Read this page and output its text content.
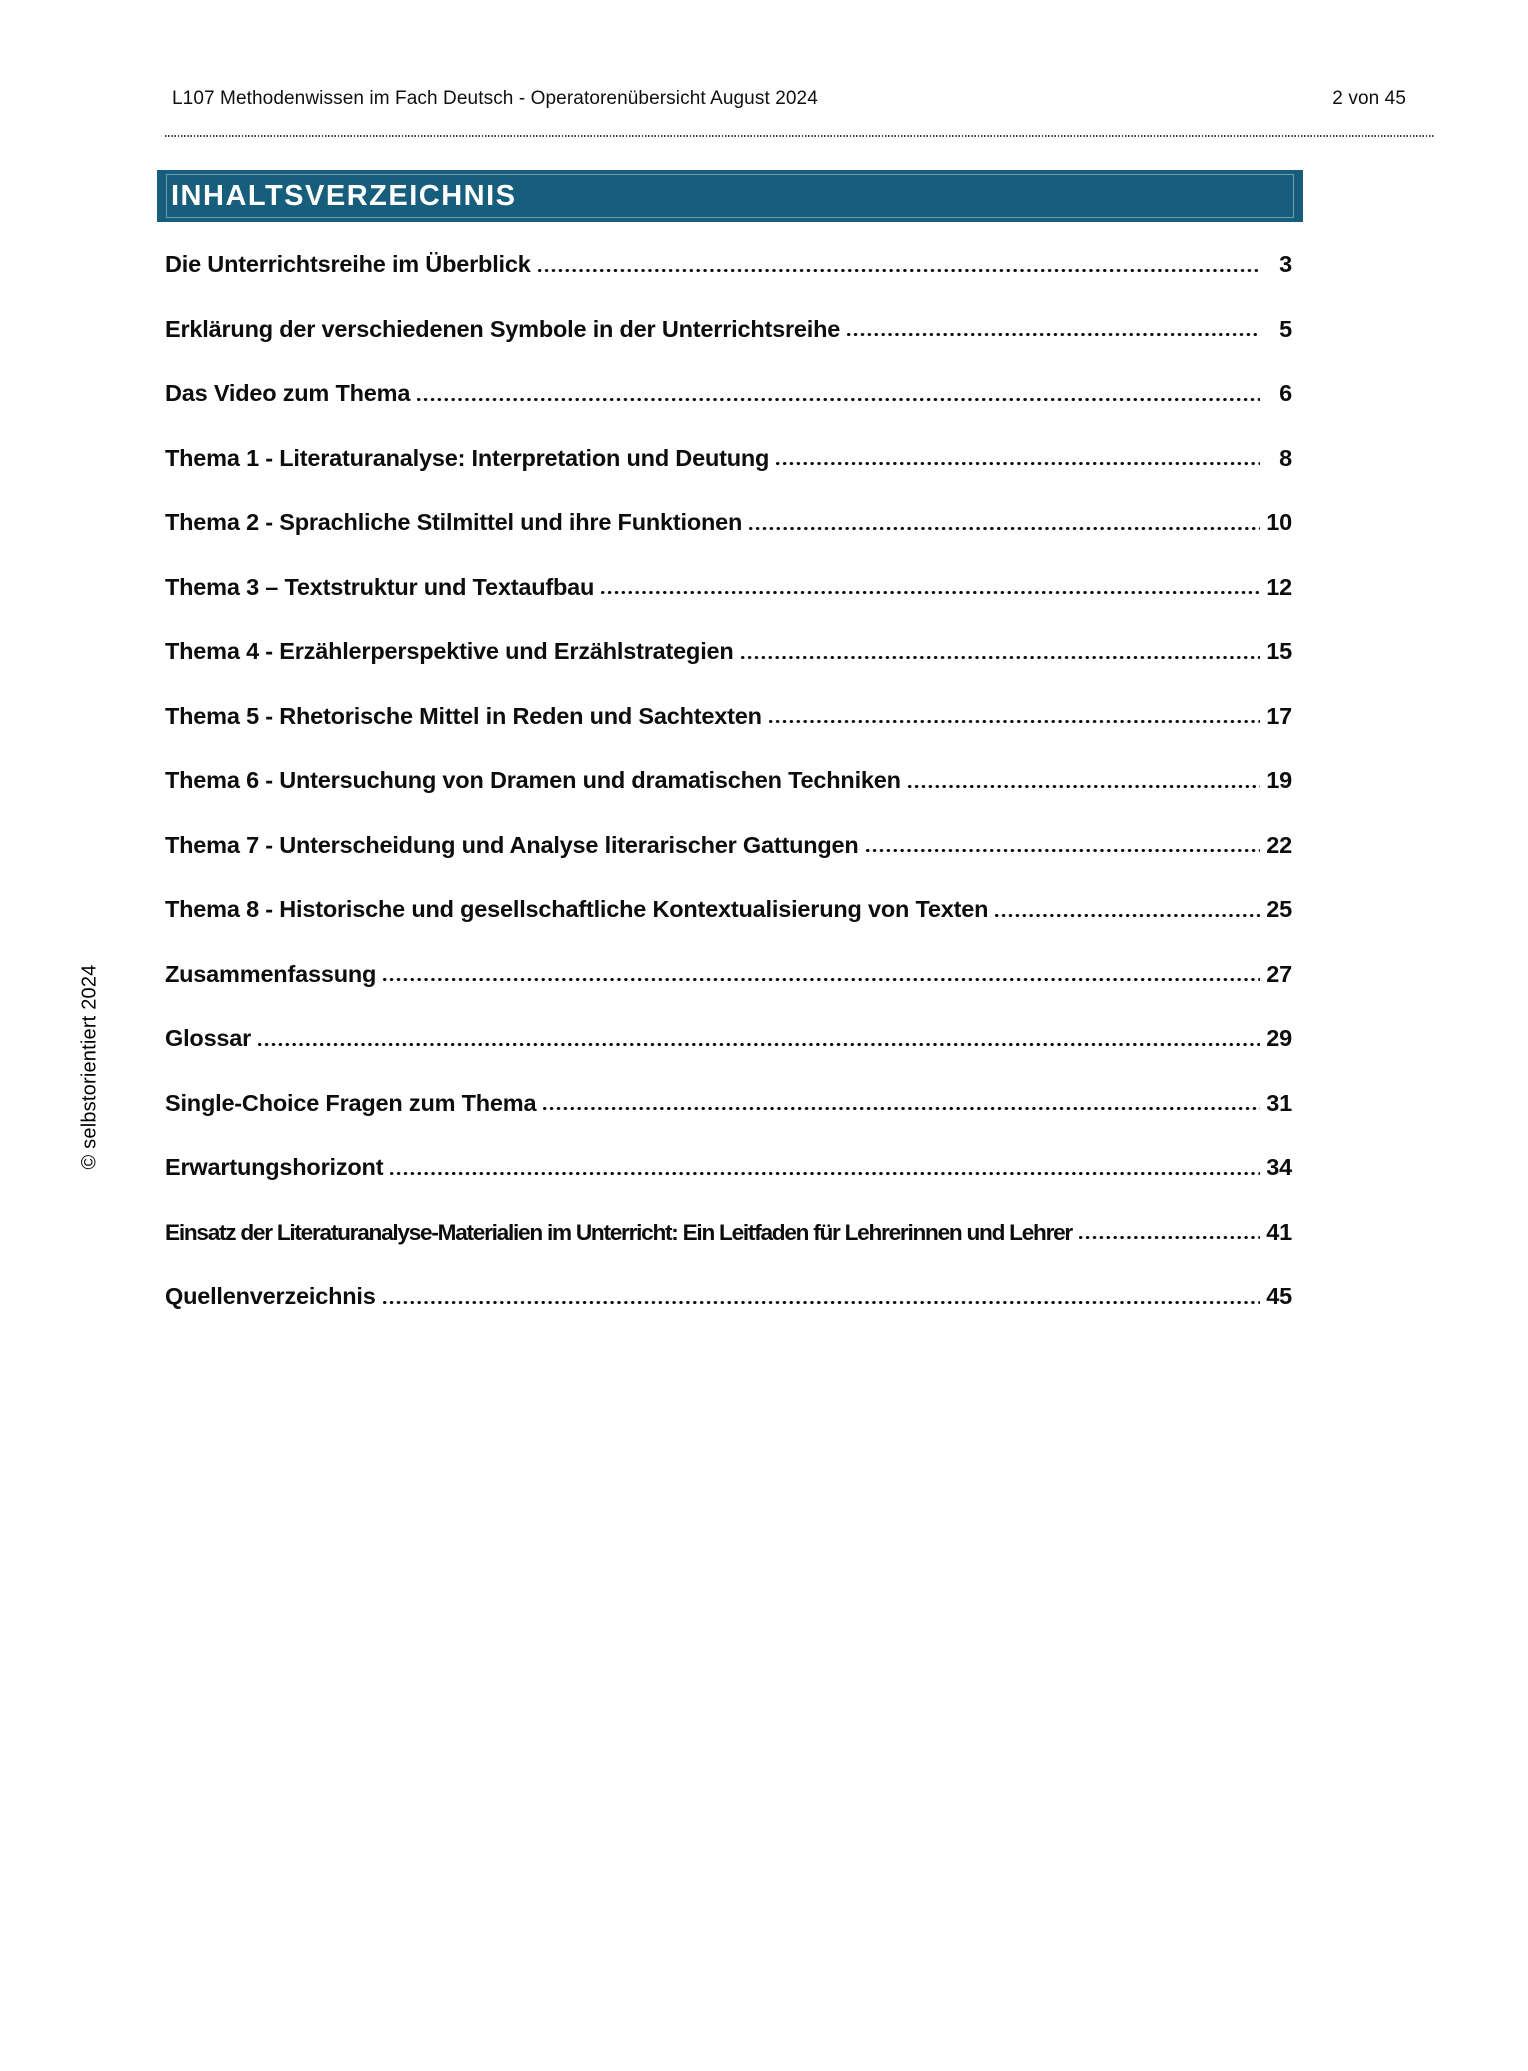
L107 Methodenwissen im Fach Deutsch - Operatorenübersicht August 2024	2 von 45
INHALTSVERZEICHNIS
Die Unterrichtsreihe im Überblick	3
Erklärung der verschiedenen Symbole in der Unterrichtsreihe	5
Das Video zum Thema	6
Thema 1 - Literaturanalyse: Interpretation und Deutung	8
Thema 2 - Sprachliche Stilmittel und ihre Funktionen	10
Thema 3 – Textstruktur und Textaufbau	12
Thema 4 - Erzählerperspektive und Erzählstrategien	15
Thema 5 - Rhetorische Mittel in Reden und Sachtexten	17
Thema 6 - Untersuchung von Dramen und dramatischen Techniken	19
Thema 7 - Unterscheidung und Analyse literarischer Gattungen	22
Thema 8 - Historische und gesellschaftliche Kontextualisierung von Texten	25
Zusammenfassung	27
Glossar	29
Single-Choice Fragen zum Thema	31
Erwartungshorizont	34
Einsatz der Literaturanalyse-Materialien im Unterricht: Ein Leitfaden für Lehrerinnen und Lehrer	41
Quellenverzeichnis	45
© selbstorientiert 2024
